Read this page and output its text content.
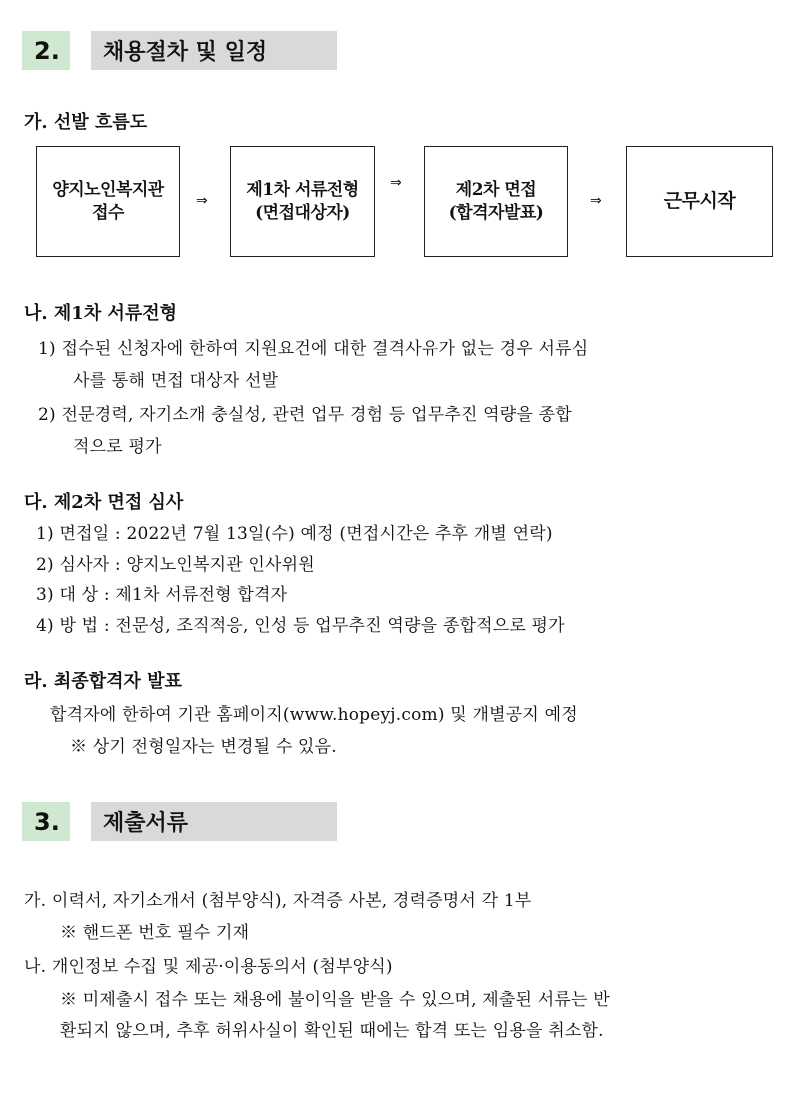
2.	채용절차 및 일정
가. 선발 흐름도
양지노인복지관
접수
⇒
제1차 서류전형
(면접대상자)
⇒	제2차 면접
(합격자발표)
⇒	근무시작
나. 제1차 서류전형
1) 접수된 신청자에 한하여 지원요건에 대한 결격사유가 없는 경우 서류심
사를 통해 면접 대상자 선발
2) 전문경력, 자기소개 충실성, 관련 업무 경험 등 업무추진 역량을 종합
적으로 평가
다. 제2차 면접 심사
1) 면접일 : 2022년 7월 13일(수) 예정 (면접시간은 추후 개별 연락)
2) 심사자 : 양지노인복지관 인사위원
3) 대 상 : 제1차 서류전형 합격자
4) 방 법 : 전문성, 조직적응, 인성 등 업무추진 역량을 종합적으로 평가
라. 최종합격자 발표
합격자에 한하여 기관 홈페이지(www.hopeyj.com) 및 개별공지 예정
※ 상기 전형일자는 변경될 수 있음.
3.	제출서류
가. 이력서, 자기소개서 (첨부양식), 자격증 사본, 경력증명서 각 1부
※ 핸드폰 번호 필수 기재
나. 개인정보 수집 및 제공·이용동의서 (첨부양식)
※ 미제출시 접수 또는 채용에 불이익을 받을 수 있으며, 제출된 서류는 반
환되지 않으며, 추후 허위사실이 확인된 때에는 합격 또는 임용을 취소함.
